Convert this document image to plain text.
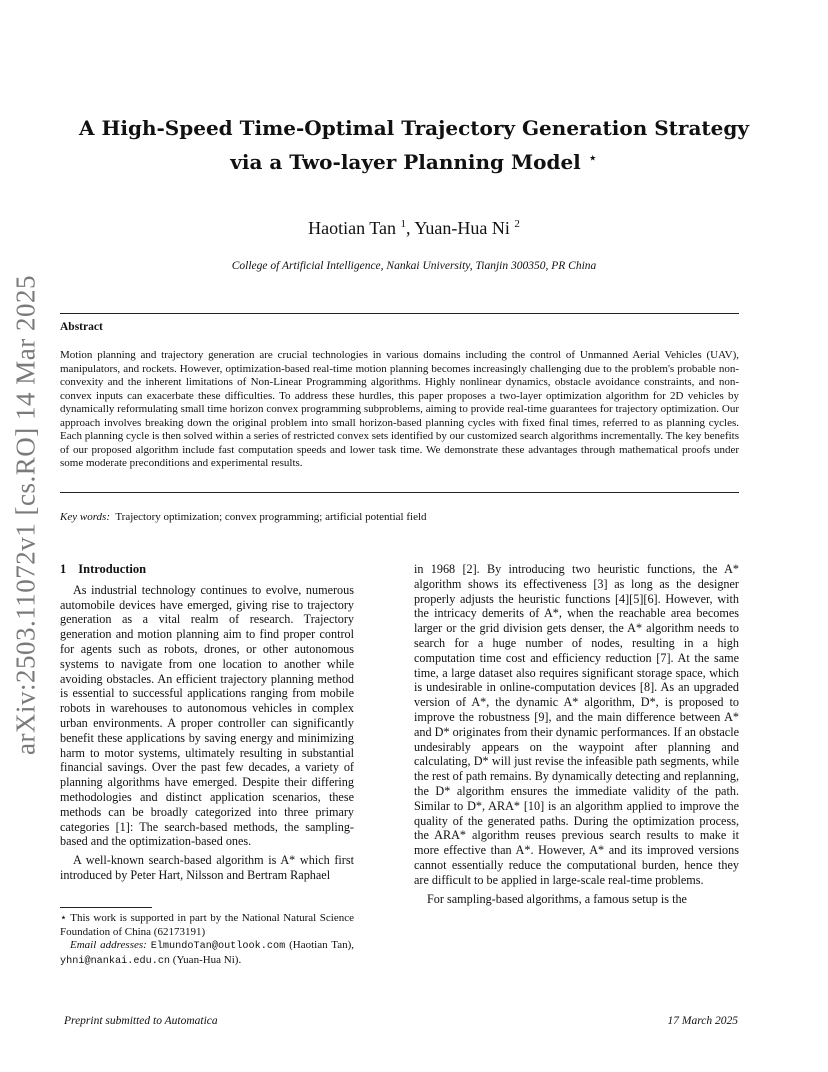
arXiv:2503.11072v1 [cs.RO] 14 Mar 2025
A High-Speed Time-Optimal Trajectory Generation Strategy
via a Two-layer Planning Model ⋆
Haotian Tan $^1$, Yuan-Hua Ni $^2$
College of Artificial Intelligence, Nankai University, Tianjin 300350, PR China
Abstract
Motion planning and trajectory generation are crucial technologies in various domains including the control of Unmanned Aerial Vehicles (UAV), manipulators, and rockets. However, optimization-based real-time motion planning becomes increasingly challenging due to the problem's probable non-convexity and the inherent limitations of Non-Linear Programming algorithms. Highly nonlinear dynamics, obstacle avoidance constraints, and non-convex inputs can exacerbate these difficulties. To address these hurdles, this paper proposes a two-layer optimization algorithm for 2D vehicles by dynamically reformulating small time horizon convex programming subproblems, aiming to provide real-time guarantees for trajectory optimization. Our approach involves breaking down the original problem into small horizon-based planning cycles with fixed final times, referred to as planning cycles. Each planning cycle is then solved within a series of restricted convex sets identified by our customized search algorithms incrementally. The key benefits of our proposed algorithm include fast computation speeds and lower task time. We demonstrate these advantages through mathematical proofs under some moderate preconditions and experimental results.
Key words: Trajectory optimization; convex programming; artificial potential field
1 Introduction

As industrial technology continues to evolve, numerous automobile devices have emerged, giving rise to trajectory generation as a vital realm of research. Trajectory generation and motion planning aim to find proper control for agents such as robots, drones, or other autonomous systems to navigate from one location to another while avoiding obstacles. An efficient trajectory planning method is essential to successful applications ranging from mobile robots in warehouses to autonomous vehicles in complex urban environments. A proper controller can significantly benefit these applications by saving energy and minimizing harm to motor systems, ultimately resulting in substantial financial savings. Over the past few decades, a variety of planning algorithms have emerged. Despite their differing methodologies and distinct application scenarios, these methods can be broadly categorized into three primary categories [1]: The search-based methods, the sampling-based and the optimization-based ones.

A well-known search-based algorithm is A* which first introduced by Peter Hart, Nilsson and Bertram Raphael

in 1968 [2]. By introducing two heuristic functions, the A* algorithm shows its effectiveness [3] as long as the designer properly adjusts the heuristic functions [4][5][6]. However, with the intricacy demerits of A*, when the reachable area becomes larger or the grid division gets denser, the A* algorithm needs to search for a huge number of nodes, resulting in a high computation time cost and efficiency reduction [7]. At the same time, a large dataset also requires significant storage space, which is undesirable in online-computation devices [8]. As an upgraded version of A*, the dynamic A* algorithm, D*, is proposed to improve the robustness [9], and the main difference between A* and D* originates from their dynamic performances. If an obstacle undesirably appears on the waypoint after planning and calculating, D* will just revise the infeasible path segments, while the rest of path remains. By dynamically detecting and replanning, the D* algorithm ensures the immediate validity of the path. Similar to D*, ARA* [10] is an algorithm applied to improve the quality of the generated paths. During the optimization process, the ARA* algorithm reuses previous search results to make it more effective than A*. However, A* and its improved versions cannot essentially reduce the computational burden, hence they are difficult to be applied in large-scale real-time problems.

For sampling-based algorithms, a famous setup is the

⋆ This work is supported in part by the National Natural Science Foundation of China (62173191)

Email addresses: ElmundoTan@outlook.com (Haotian Tan), yhni@nankai.edu.cn (Yuan-Hua Ni).

Preprint submitted to Automatica	17 March 2025
